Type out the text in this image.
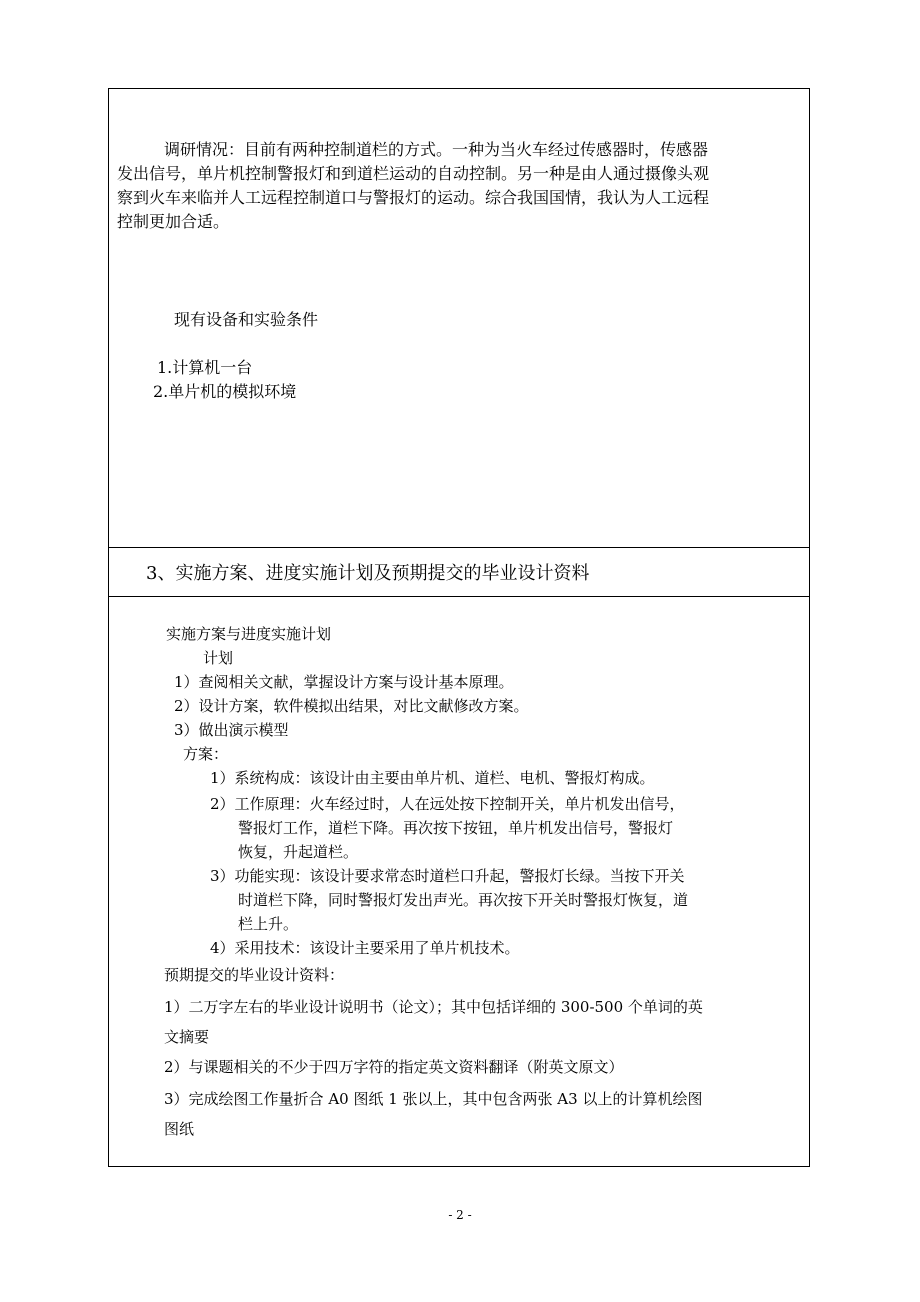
调研情况：目前有两种控制道栏的方式。一种为当火车经过传感器时，传感器
发出信号，单片机控制警报灯和到道栏运动的自动控制。另一种是由人通过摄像头观
察到火车来临并人工远程控制道口与警报灯的运动。综合我国国情，我认为人工远程
控制更加合适。
现有设备和实验条件
1.计算机一台
2.单片机的模拟环境
3、实施方案、进度实施计划及预期提交的毕业设计资料
实施方案与进度实施计划
计划
1）查阅相关文献，掌握设计方案与设计基本原理。
2）设计方案，软件模拟出结果，对比文献修改方案。
3）做出演示模型
方案：
1）系统构成：该设计由主要由单片机、道栏、电机、警报灯构成。
2）工作原理：火车经过时，人在远处按下控制开关，单片机发出信号，
警报灯工作，道栏下降。再次按下按钮，单片机发出信号，警报灯
恢复，升起道栏。
3）功能实现：该设计要求常态时道栏口升起，警报灯长绿。当按下开关
时道栏下降，同时警报灯发出声光。再次按下开关时警报灯恢复，道
栏上升。
4）采用技术：该设计主要采用了单片机技术。
预期提交的毕业设计资料：
1）二万字左右的毕业设计说明书（论文）；其中包括详细的 300-500 个单词的英
文摘要
2）与课题相关的不少于四万字符的指定英文资料翻译（附英文原文）
3）完成绘图工作量折合 A0 图纸 1 张以上，其中包含两张 A3 以上的计算机绘图
图纸
- 2 -
